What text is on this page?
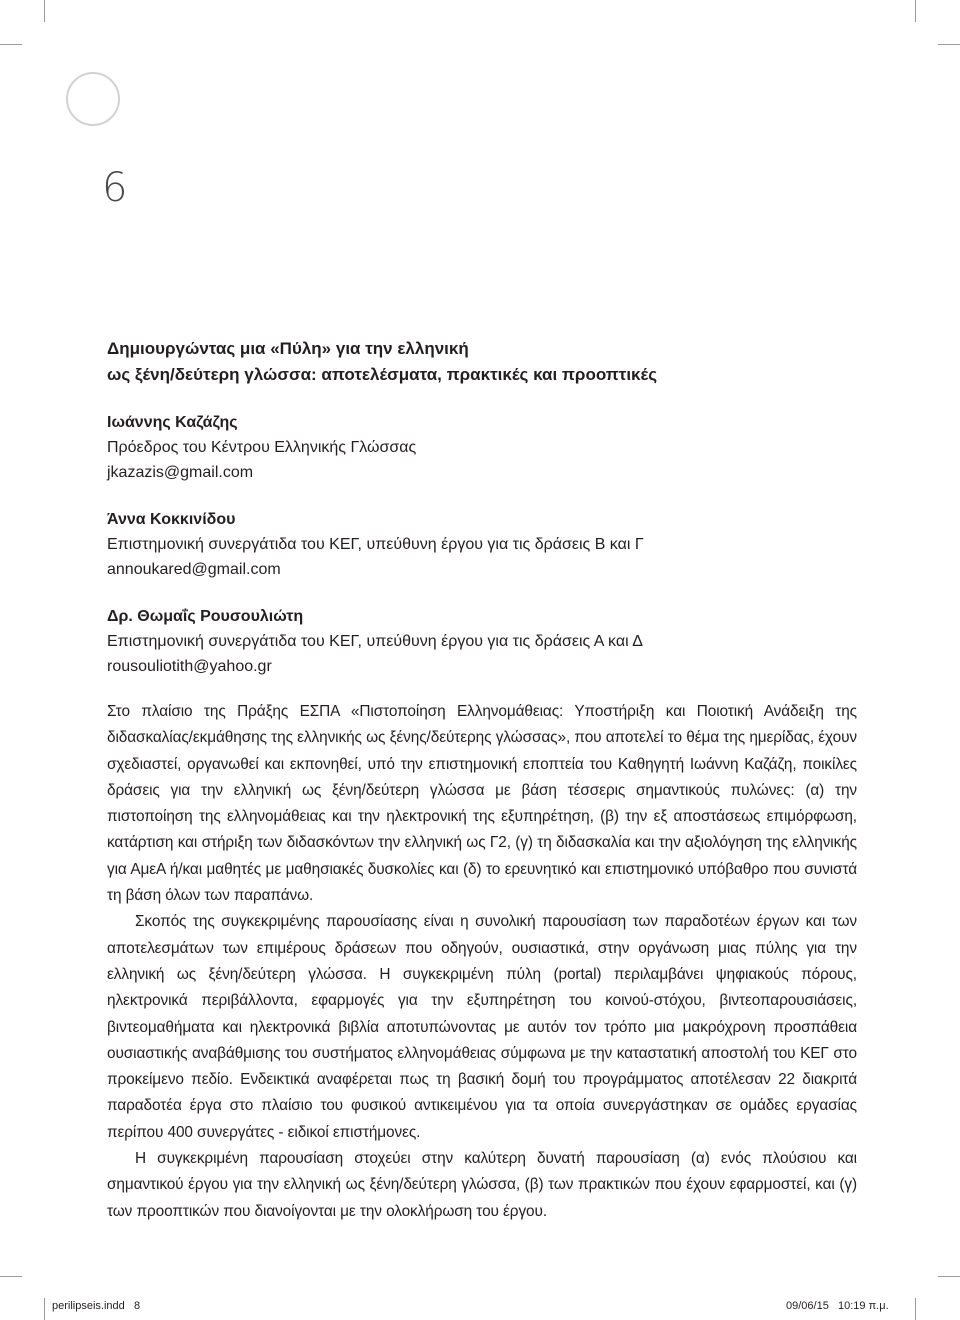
6

Δημιουργώντας μια «Πύλη» για την ελληνική

ως ξένη/δεύτερη γλώσσα: αποτελέσματα, πρακτικές και προοπτικές

Ιωάννης Καζάζης
Πρόεδρος του Κέντρου Ελληνικής Γλώσσας
jkazazis@gmail.com
Άννα Κοκκινίδου
Επιστημονική συνεργάτιδα του ΚΕΓ, υπεύθυνη έργου για τις δράσεις Β και Γ
annoukared@gmail.com
Δρ. Θωμαΐς Ρουσουλιώτη
Επιστημονική συνεργάτιδα του ΚΕΓ, υπεύθυνη έργου για τις δράσεις Α και Δ
rousouliotith@yahoo.gr

Στο πλαίσιο της Πράξης ΕΣΠΑ «Πιστοποίηση Ελληνομάθειας: Υποστήριξη και Ποιοτική Ανάδειξη της διδασκαλίας/εκμάθησης της ελληνικής ως ξένης/δεύτερης γλώσσας», που αποτελεί το θέμα της ημερίδας, έχουν σχεδιαστεί, οργανωθεί και εκπονηθεί, υπό την επιστημονική εποπτεία του Καθηγητή Ιωάννη Καζάζη, ποικίλες δράσεις για την ελληνική ως ξένη/δεύτερη γλώσσα με βάση τέσσερις σημαντικούς πυλώνες: (α) την πιστοποίηση της ελληνομάθειας και την ηλεκτρονική της εξυπηρέτηση, (β) την εξ αποστάσεως επιμόρφωση, κατάρτιση και στήριξη των διδασκόντων την ελληνική ως Γ2, (γ) τη διδασκαλία και την αξιολόγηση της ελληνικής για ΑμεΑ ή/και μαθητές με μαθησιακές δυσκολίες και (δ) το ερευνητικό και επιστημονικό υπόβαθρο που συνιστά τη βάση όλων των παραπάνω.

Σκοπός της συγκεκριμένης παρουσίασης είναι η συνολική παρουσίαση των παραδοτέων έργων και των αποτελεσμάτων των επιμέρους δράσεων που οδηγούν, ουσιαστικά, στην οργάνωση μιας πύλης για την ελληνική ως ξένη/δεύτερη γλώσσα. Η συγκεκριμένη πύλη (portal) περιλαμβάνει ψηφιακούς πόρους, ηλεκτρονικά περιβάλλοντα, εφαρμογές για την εξυπηρέτηση του κοινού-στόχου, βιντεοπαρουσιάσεις, βιντεομαθήματα και ηλεκτρονικά βιβλία αποτυπώνοντας με αυτόν τον τρόπο μια μακρόχρονη προσπάθεια ουσιαστικής αναβάθμισης του συστήματος ελληνομάθειας σύμφωνα με την καταστατική αποστολή του ΚΕΓ στο προκείμενο πεδίο. Ενδεικτικά αναφέρεται πως τη βασική δομή του προγράμματος αποτέλεσαν 22 διακριτά παραδοτέα έργα στο πλαίσιο του φυσικού αντικειμένου για τα οποία συνεργάστηκαν σε ομάδες εργασίας περίπου 400 συνεργάτες - ειδικοί επιστήμονες.

Η συγκεκριμένη παρουσίαση στοχεύει στην καλύτερη δυνατή παρουσίαση (α) ενός πλούσιου και σημαντικού έργου για την ελληνική ως ξένη/δεύτερη γλώσσα, (β) των πρακτικών που έχουν εφαρμοστεί, και (γ) των προοπτικών που διανοίγονται με την ολοκλήρωση του έργου.

perilipseis.indd 8	09/06/15 10:19 π.μ.
